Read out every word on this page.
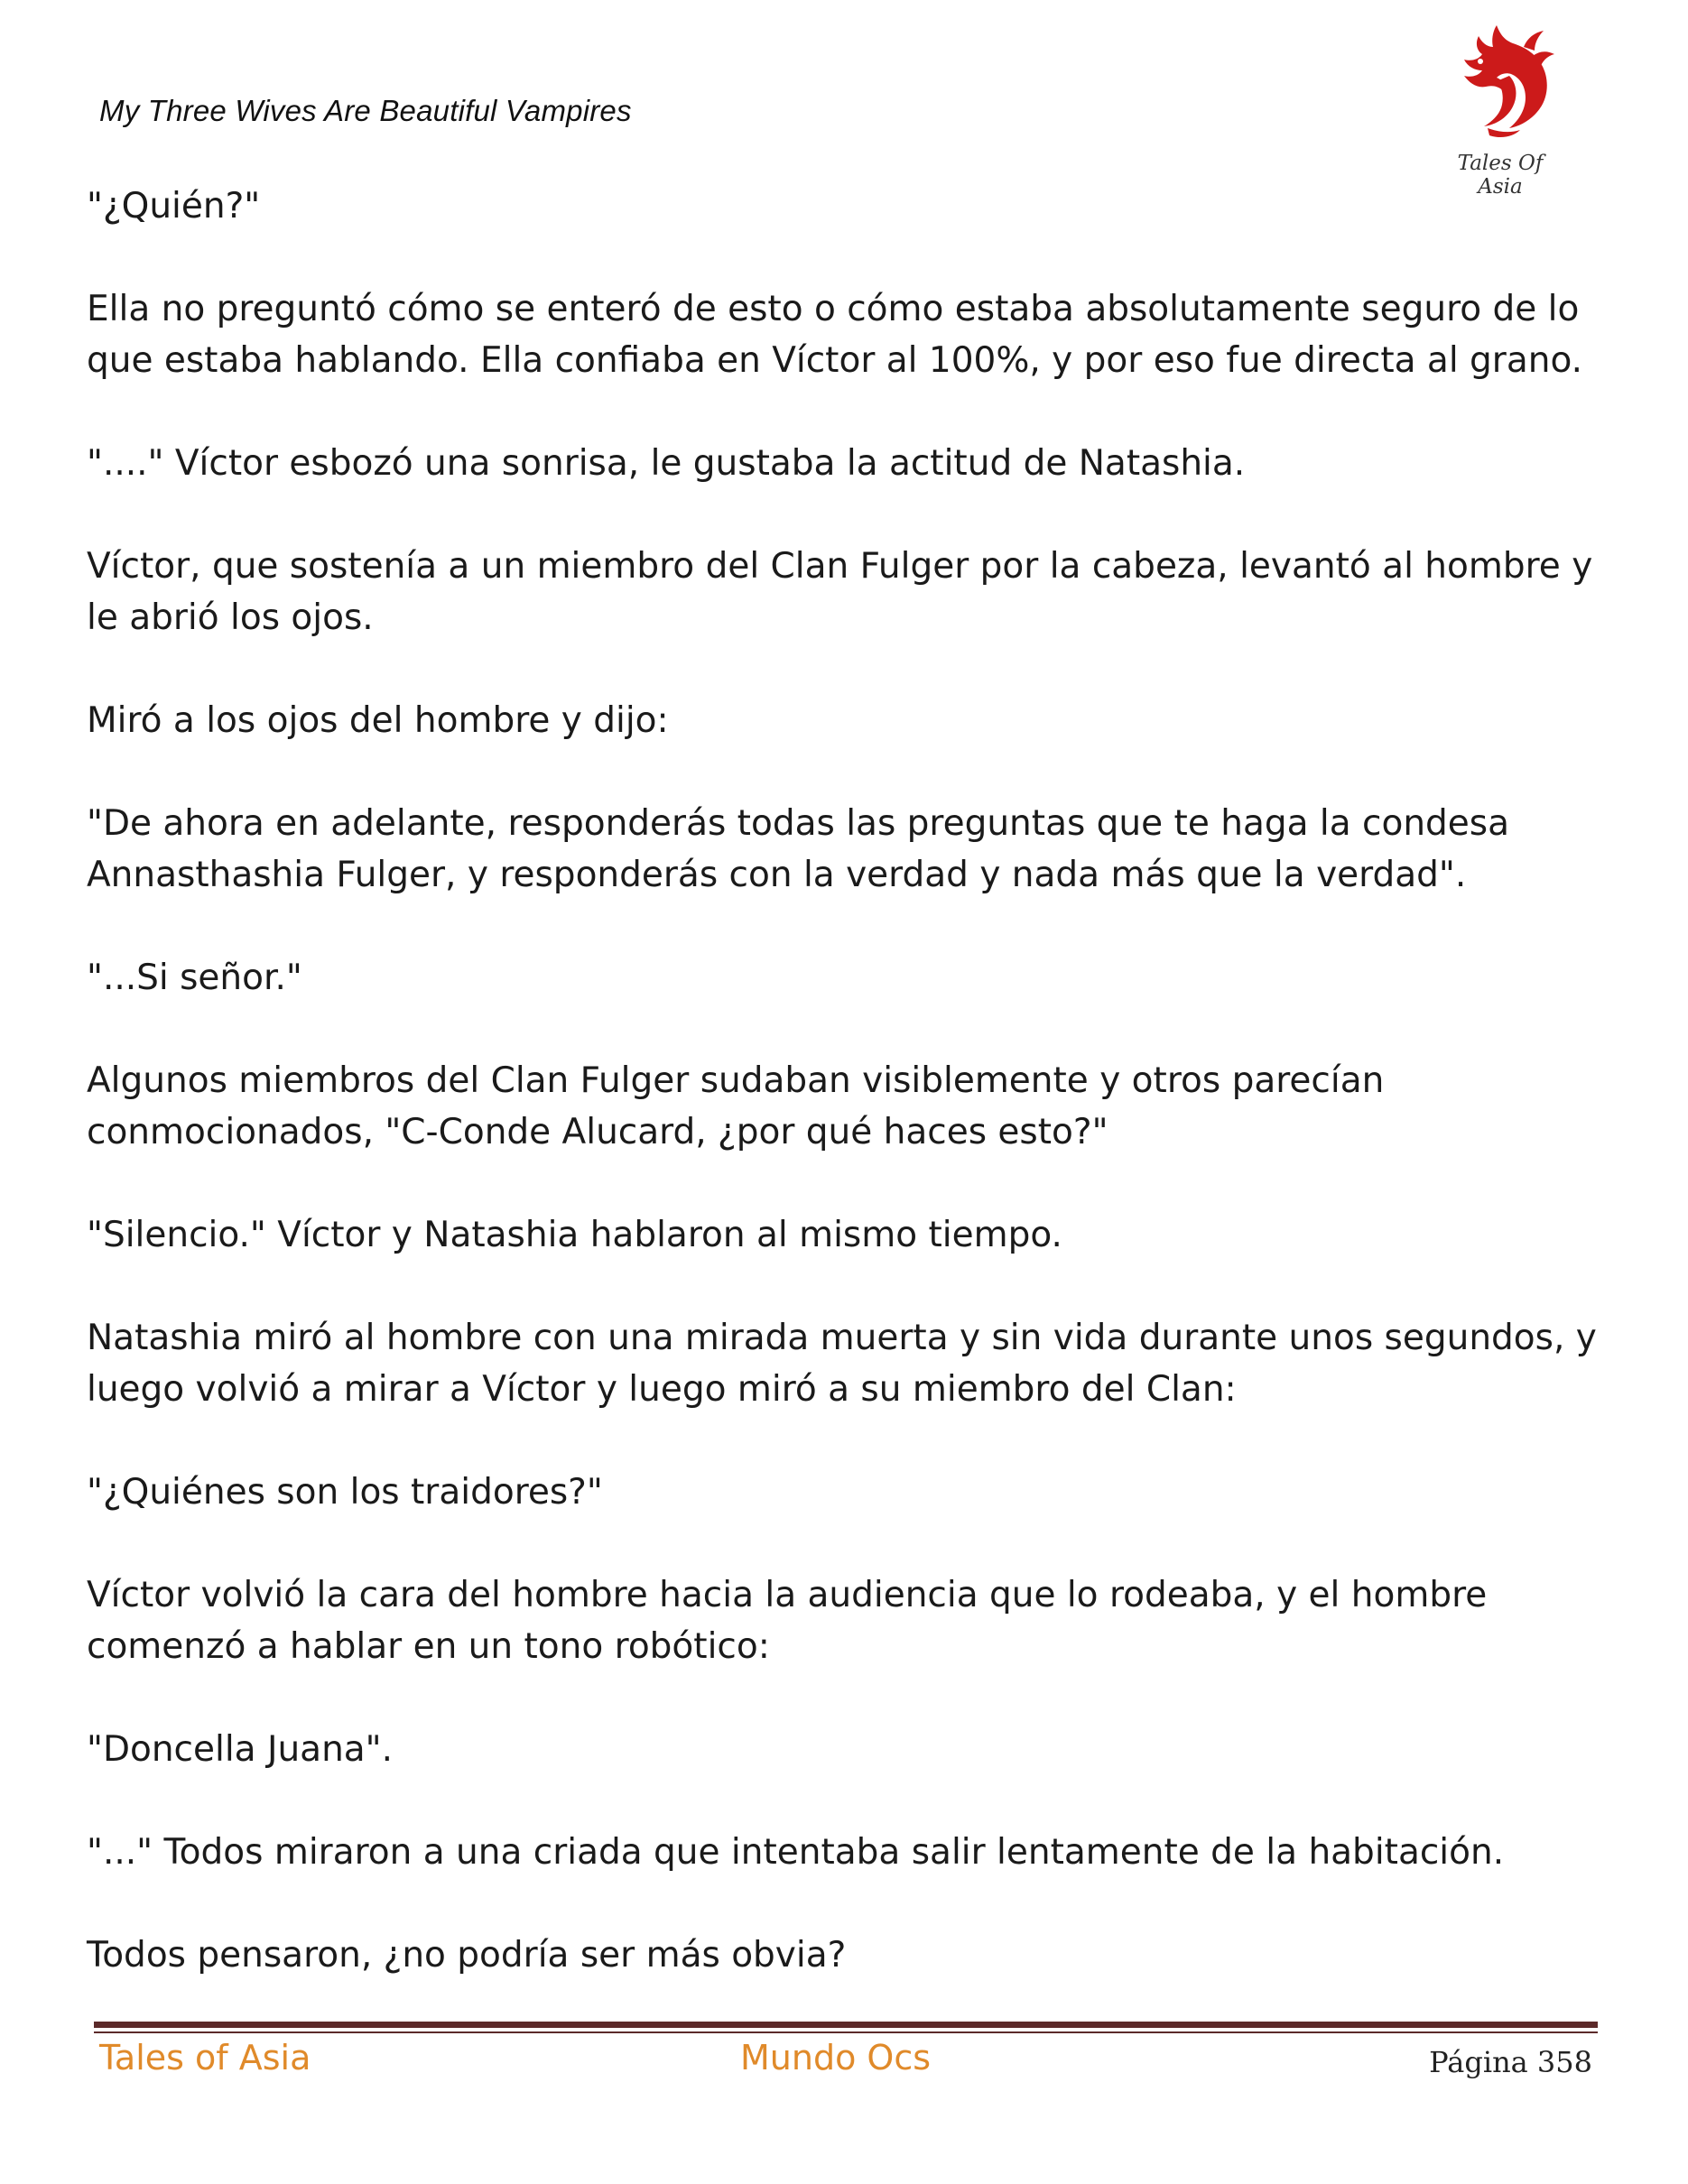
My Three Wives Are Beautiful Vampires
Tales Of Asia

"¿Quién?"

Ella no preguntó cómo se enteró de esto o cómo estaba absolutamente seguro de lo que estaba hablando. Ella confiaba en Víctor al 100%, y por eso fue directa al grano.

"...." Víctor esbozó una sonrisa, le gustaba la actitud de Natashia.

Víctor, que sostenía a un miembro del Clan Fulger por la cabeza, levantó al hombre y le abrió los ojos.

Miró a los ojos del hombre y dijo:

"De ahora en adelante, responderás todas las preguntas que te haga la condesa Annasthashia Fulger, y responderás con la verdad y nada más que la verdad".

"...Si señor."

Algunos miembros del Clan Fulger sudaban visiblemente y otros parecían conmocionados, "C-Conde Alucard, ¿por qué haces esto?"

"Silencio." Víctor y Natashia hablaron al mismo tiempo.

Natashia miró al hombre con una mirada muerta y sin vida durante unos segundos, y luego volvió a mirar a Víctor y luego miró a su miembro del Clan:

"¿Quiénes son los traidores?"

Víctor volvió la cara del hombre hacia la audiencia que lo rodeaba, y el hombre comenzó a hablar en un tono robótico:

"Doncella Juana".

"..." Todos miraron a una criada que intentaba salir lentamente de la habitación.

Todos pensaron, ¿no podría ser más obvia?

Tales of Asia	Mundo Ocs	Página 358
